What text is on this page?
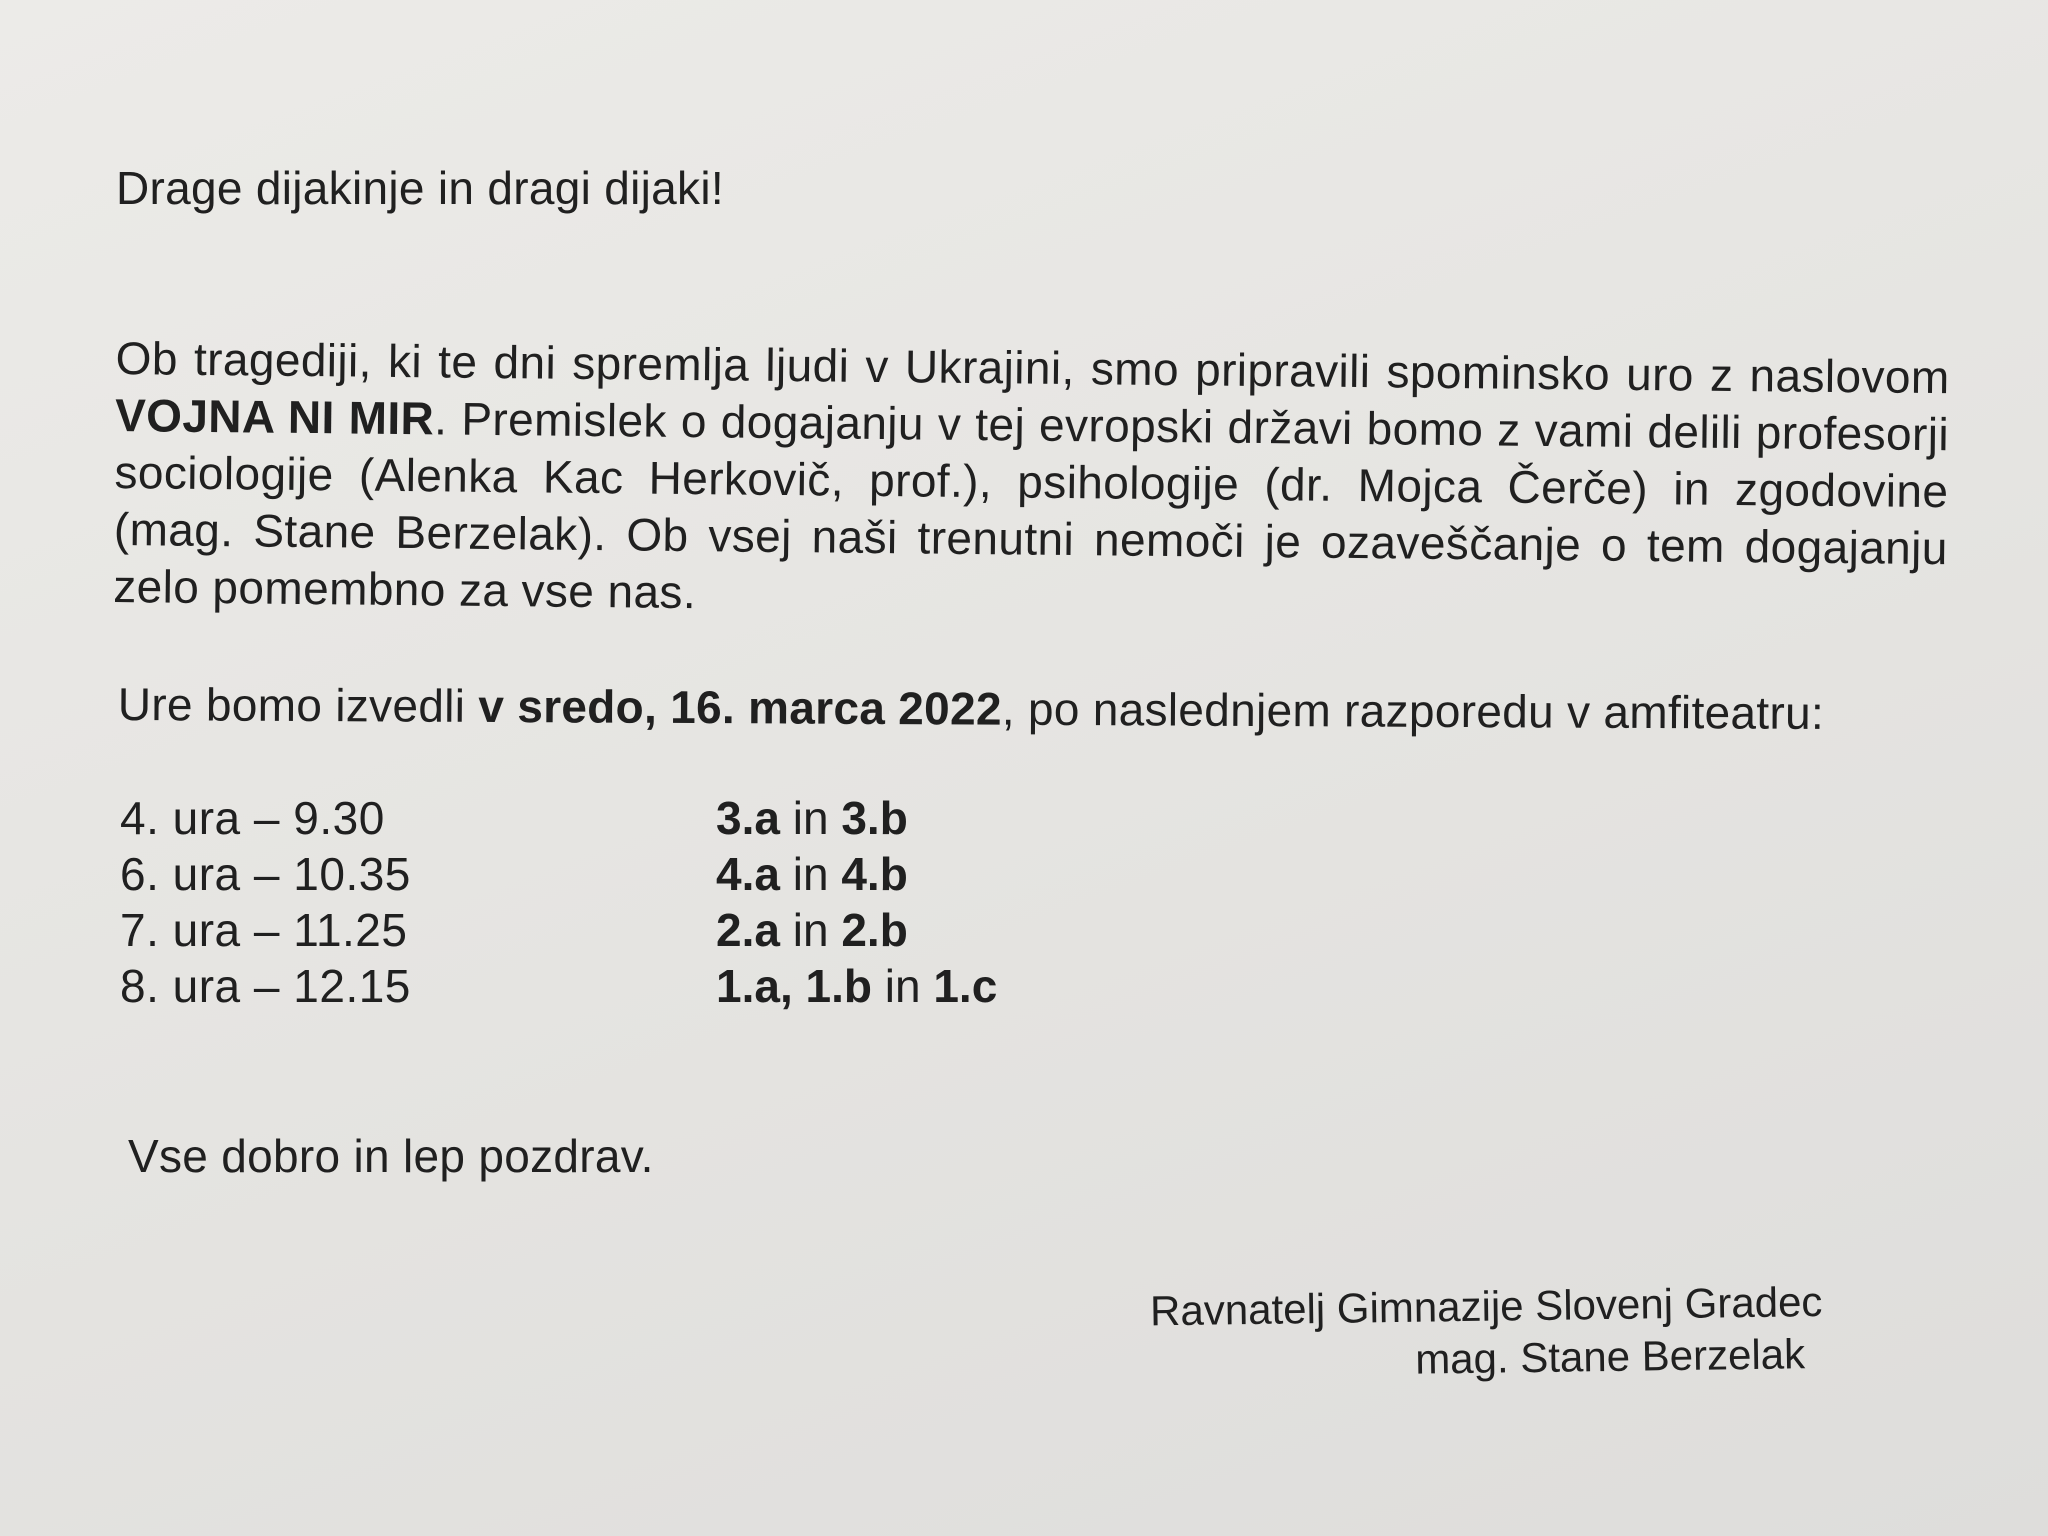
Drage dijakinje in dragi dijaki!
Ob tragediji, ki te dni spremlja ljudi v Ukrajini, smo pripravili spominsko uro z naslovom VOJNA NI MIR. Premislek o dogajanju v tej evropski državi bomo z vami delili profesorji sociologije (Alenka Kac Herkovič, prof.), psihologije (dr. Mojca Čerče) in zgodovine (mag. Stane Berzelak). Ob vsej naši trenutni nemoči je ozaveščanje o tem dogajanju zelo pomembno za vse nas.
Ure bomo izvedli v sredo, 16. marca 2022, po naslednjem razporedu v amfiteatru:
4. ura – 9.30	3.a in 3.b
6. ura – 10.35	4.a in 4.b
7. ura – 11.25	2.a in 2.b
8. ura – 12.15	1.a, 1.b in 1.c
Vse dobro in lep pozdrav.
Ravnatelj Gimnazije Slovenj Gradec
mag. Stane Berzelak
